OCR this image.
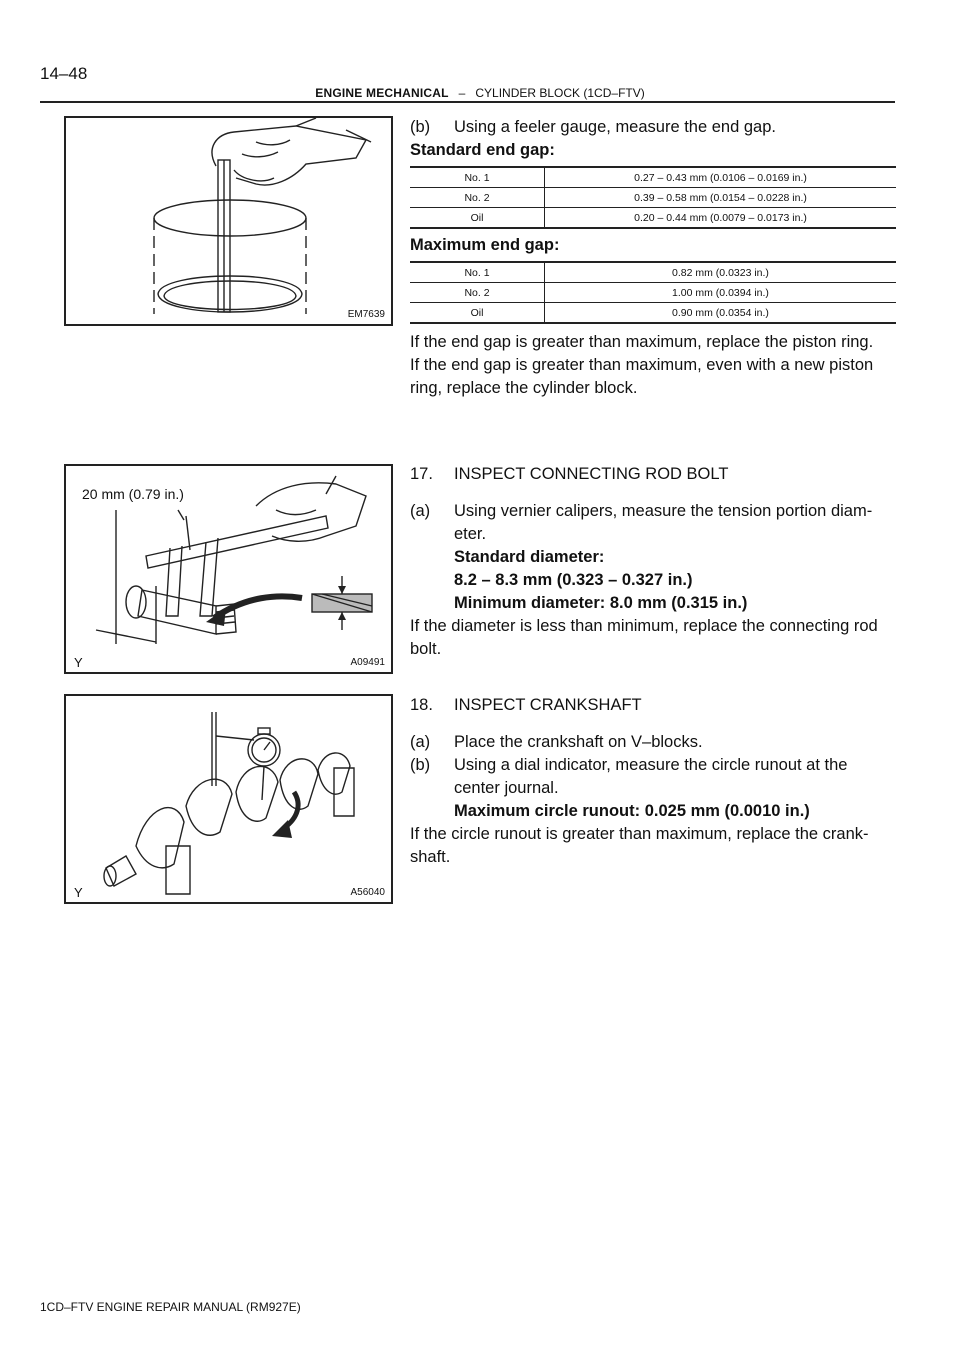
14–48
ENGINE MECHANICAL – CYLINDER BLOCK (1CD–FTV)
EM7639
20 mm (0.79 in.)
Y	A09491
Y	A56040
(b) Using a feeler gauge, measure the end gap.
Standard end gap:
No. 1	0.27 – 0.43 mm (0.0106 – 0.0169 in.)
No. 2	0.39 – 0.58 mm (0.0154 – 0.0228 in.)
Oil	0.20 – 0.44 mm (0.0079 – 0.0173 in.)
Maximum end gap:
No. 1	0.82 mm (0.0323 in.)
No. 2	1.00 mm (0.0394 in.)
Oil	0.90 mm (0.0354 in.)
If the end gap is greater than maximum, replace the piston ring.
If the end gap is greater than maximum, even with a new piston
ring, replace the cylinder block.
17. INSPECT CONNECTING ROD BOLT
(a) Using vernier calipers, measure the tension portion diam-
eter.
Standard diameter:
8.2 – 8.3 mm (0.323 – 0.327 in.)
Minimum diameter: 8.0 mm (0.315 in.)
If the diameter is less than minimum, replace the connecting rod
bolt.
18. INSPECT CRANKSHAFT
(a) Place the crankshaft on V–blocks.
(b) Using a dial indicator, measure the circle runout at the
center journal.
Maximum circle runout: 0.025 mm (0.0010 in.)
If the circle runout is greater than maximum, replace the crank-
shaft.
1CD–FTV ENGINE REPAIR MANUAL (RM927E)
